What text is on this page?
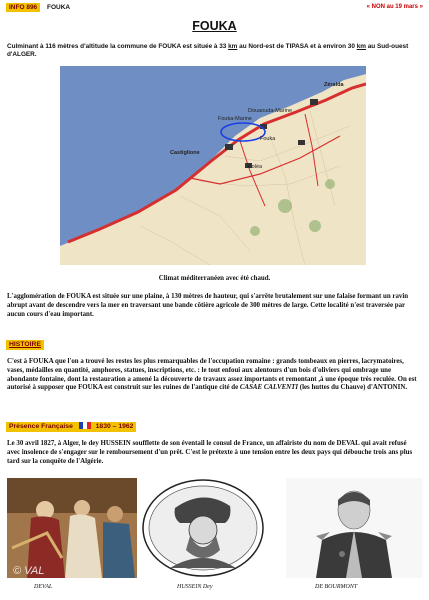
INFO 896	FOUKA	« NON au 19 mars »
FOUKA
Culminant à 116 mètres d'altitude la commune de FOUKA est située à 33 km au Nord-est de TIPASA et à environ 30 km au Sud-ouest d'ALGER.
Zéralda
Fouka-Marine
Douaouda-Marine
Fouka
Castiglione
Koléa
Climat méditerranéen avec été chaud.
L'agglomération de FOUKA est située sur une plaine, à 130 mètres de hauteur, qui s'arrête brutalement sur une falaise formant un ravin abrupt avant de descendre vers la mer en traversant une bande côtière agricole de 300 mètres de large. Cette localité n'est traversée par aucun cours d'eau important.
HISTOIRE
C'est à FOUKA que l'on a trouvé les restes les plus remarquables de l'occupation romaine : grands tombeaux en pierres, lacrymatoires, vases, médailles en quantité, amphores, statues, inscriptions, etc. : le tout enfoui aux alentours d'un bois d'oliviers qui ombrage une abondante fontaine, dont la restauration a amené la découverte de travaux assez importants et remontant ,à une époque très reculée. On est autorisé à supposer que FOUKA est construit sur les ruines de l'antique cité de CASAE CALVENTI (les huttes du Chauve) d'ANTONIN.
Présence Française	1830 – 1962
Le 30 avril 1827, à Alger, le dey HUSSEIN soufflette de son éventail le consul de France, un affairiste du nom de DEVAL qui avait refusé avec insolence de s'engager sur le remboursement d'un prêt. C'est le prétexte à une tension entre les deux pays qui débouche trois ans plus tard sur la conquête de l'Algérie.
© VAL
DEVAL	HUSSEIN Dey	DE BOURMONT
